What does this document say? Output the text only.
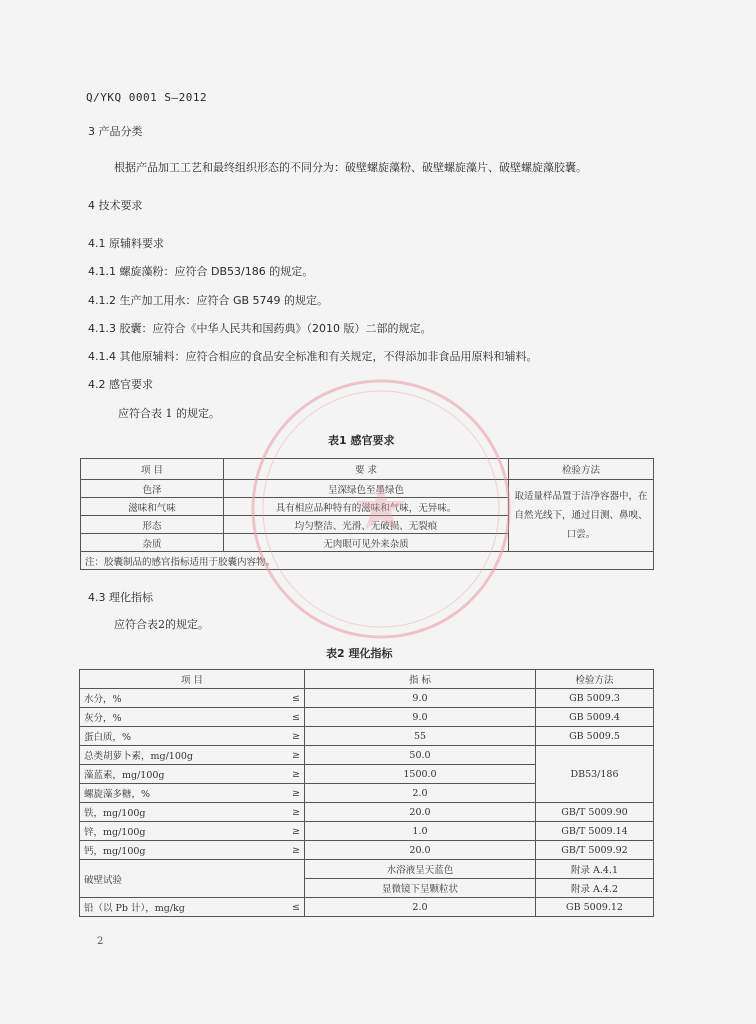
Q/YKQ 0001 S—2012
3 产品分类
根据产品加工工艺和最终组织形态的不同分为：破壁螺旋藻粉、破壁螺旋藻片、破壁螺旋藻胶囊。
4 技术要求
4.1 原辅料要求
4.1.1 螺旋藻粉：应符合 DB53/186 的规定。
4.1.2 生产加工用水：应符合 GB 5749 的规定。
4.1.3 胶囊：应符合《中华人民共和国药典》（2010 版）二部的规定。
4.1.4 其他原辅料：应符合相应的食品安全标准和有关规定，不得添加非食品用原料和辅料。
4.2 感官要求
应符合表 1 的规定。
表1 感官要求
项 目	要 求	检验方法
色泽	呈深绿色至墨绿色	取适量样品置于洁净容器中，在自然光线下，通过目测、鼻嗅、口尝。
滋味和气味	具有相应品种特有的滋味和气味，无异味。	
形态	均匀整洁、光滑、无破损、无裂痕	
杂质	无肉眼可见外来杂质	
注：胶囊制品的感官指标适用于胶囊内容物。		
4.3 理化指标
应符合表2的规定。
表2 理化指标
项 目		指 标	检验方法
水分，%	≤	9.0	GB 5009.3
灰分，%	≤	9.0	GB 5009.4
蛋白质，%	≥	55	GB 5009.5
总类胡萝卜素，mg/100g	≥	50.0	DB53/186
藻蓝素，mg/100g	≥	1500.0	
螺旋藻多糖，%	≥	2.0	
铁，mg/100g	≥	20.0	GB/T 5009.90
锌，mg/100g	≥	1.0	GB/T 5009.14
钙，mg/100g	≥	20.0	GB/T 5009.92
破壁试验		水浴液呈天蓝色	附录 A.4.1
		显微镜下呈颗粒状	附录 A.4.2
铅（以 Pb 计），mg/kg	≤	2.0	GB 5009.12
2
